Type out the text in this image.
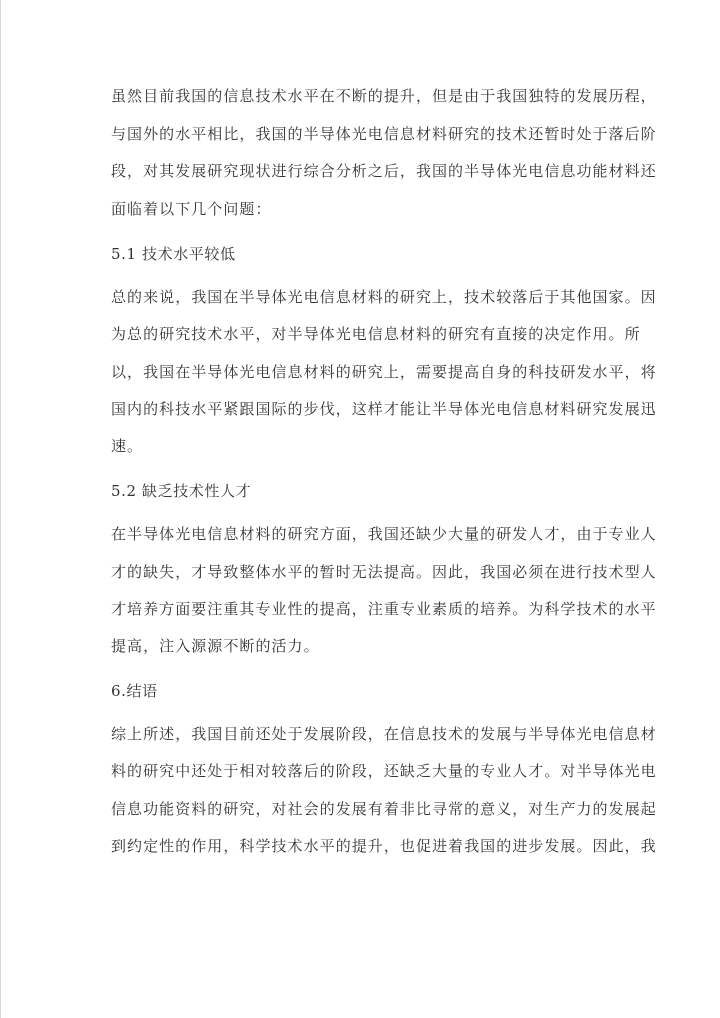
虽然目前我国的信息技术水平在不断的提升，但是由于我国独特的发展历程，
与国外的水平相比，我国的半导体光电信息材料研究的技术还暂时处于落后阶
段，对其发展研究现状进行综合分析之后，我国的半导体光电信息功能材料还
面临着以下几个问题：
5.1 技术水平较低
总的来说，我国在半导体光电信息材料的研究上，技术较落后于其他国家。因
为总的研究技术水平，对半导体光电信息材料的研究有直接的决定作用。所
以，我国在半导体光电信息材料的研究上，需要提高自身的科技研发水平，将
国内的科技水平紧跟国际的步伐，这样才能让半导体光电信息材料研究发展迅
速。
5.2 缺乏技术性人才
在半导体光电信息材料的研究方面，我国还缺少大量的研发人才，由于专业人
才的缺失，才导致整体水平的暂时无法提高。因此，我国必须在进行技术型人
才培养方面要注重其专业性的提高，注重专业素质的培养。为科学技术的水平
提高，注入源源不断的活力。
6.结语
综上所述，我国目前还处于发展阶段，在信息技术的发展与半导体光电信息材
料的研究中还处于相对较落后的阶段，还缺乏大量的专业人才。对半导体光电
信息功能资料的研究，对社会的发展有着非比寻常的意义，对生产力的发展起
到约定性的作用，科学技术水平的提升，也促进着我国的进步发展。因此，我
